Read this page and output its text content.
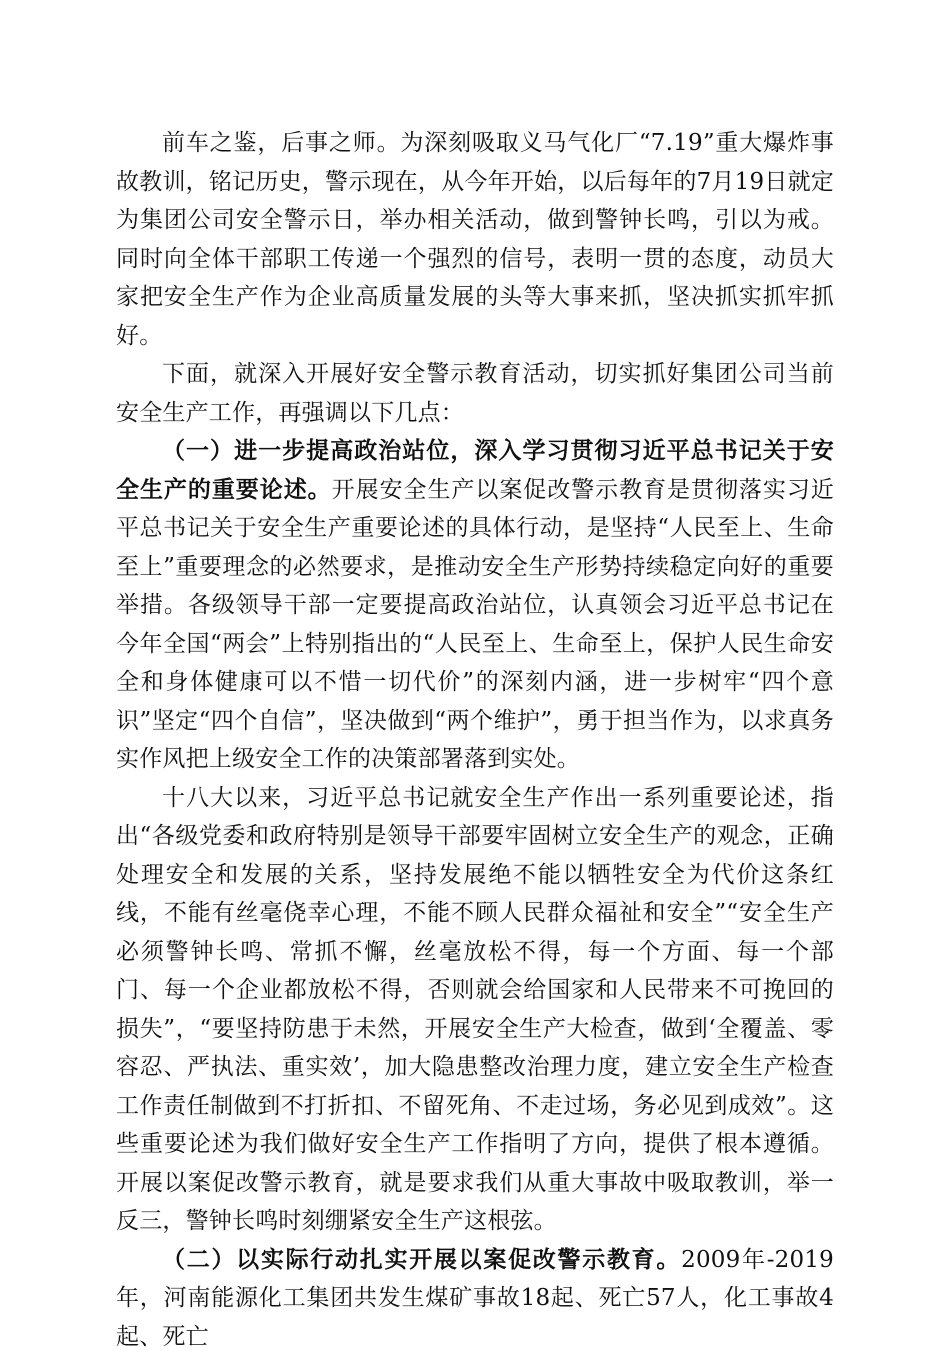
前车之鉴，后事之师。为深刻吸取义马气化厂“7.19”重大爆炸事故教训，铭记历史，警示现在，从今年开始，以后每年的7月19日就定为集团公司安全警示日，举办相关活动，做到警钟长鸣，引以为戒。同时向全体干部职工传递一个强烈的信号，表明一贯的态度，动员大家把安全生产作为企业高质量发展的头等大事来抓，坚决抓实抓牢抓好。

下面，就深入开展好安全警示教育活动，切实抓好集团公司当前安全生产工作，再强调以下几点：

（一）进一步提高政治站位，深入学习贯彻习近平总书记关于安全生产的重要论述。开展安全生产以案促改警示教育是贯彻落实习近平总书记关于安全生产重要论述的具体行动，是坚持“人民至上、生命至上”重要理念的必然要求，是推动安全生产形势持续稳定向好的重要举措。各级领导干部一定要提高政治站位，认真领会习近平总书记在今年全国“两会”上特别指出的“人民至上、生命至上，保护人民生命安全和身体健康可以不惜一切代价”的深刻内涵，进一步树牢“四个意识”坚定“四个自信”，坚决做到“两个维护”，勇于担当作为，以求真务实作风把上级安全工作的决策部署落到实处。

十八大以来，习近平总书记就安全生产作出一系列重要论述，指出“各级党委和政府特别是领导干部要牢固树立安全生产的观念，正确处理安全和发展的关系，坚持发展绝不能以牺牲安全为代价这条红线，不能有丝毫侥幸心理，不能不顾人民群众福祉和安全”“安全生产必须警钟长鸣、常抓不懈，丝毫放松不得，每一个方面、每一个部门、每一个企业都放松不得，否则就会给国家和人民带来不可挽回的损失”，“要坚持防患于未然，开展安全生产大检查，做到‘全覆盖、零容忍、严执法、重实效’，加大隐患整改治理力度，建立安全生产检查工作责任制做到不打折扣、不留死角、不走过场，务必见到成效”。这些重要论述为我们做好安全生产工作指明了方向，提供了根本遵循。开展以案促改警示教育，就是要求我们从重大事故中吸取教训，举一反三，警钟长鸣时刻绷紧安全生产这根弦。

（二）以实际行动扎实开展以案促改警示教育。2009年-2019年，河南能源化工集团共发生煤矿事故18起、死亡57人，化工事故4起、死亡
